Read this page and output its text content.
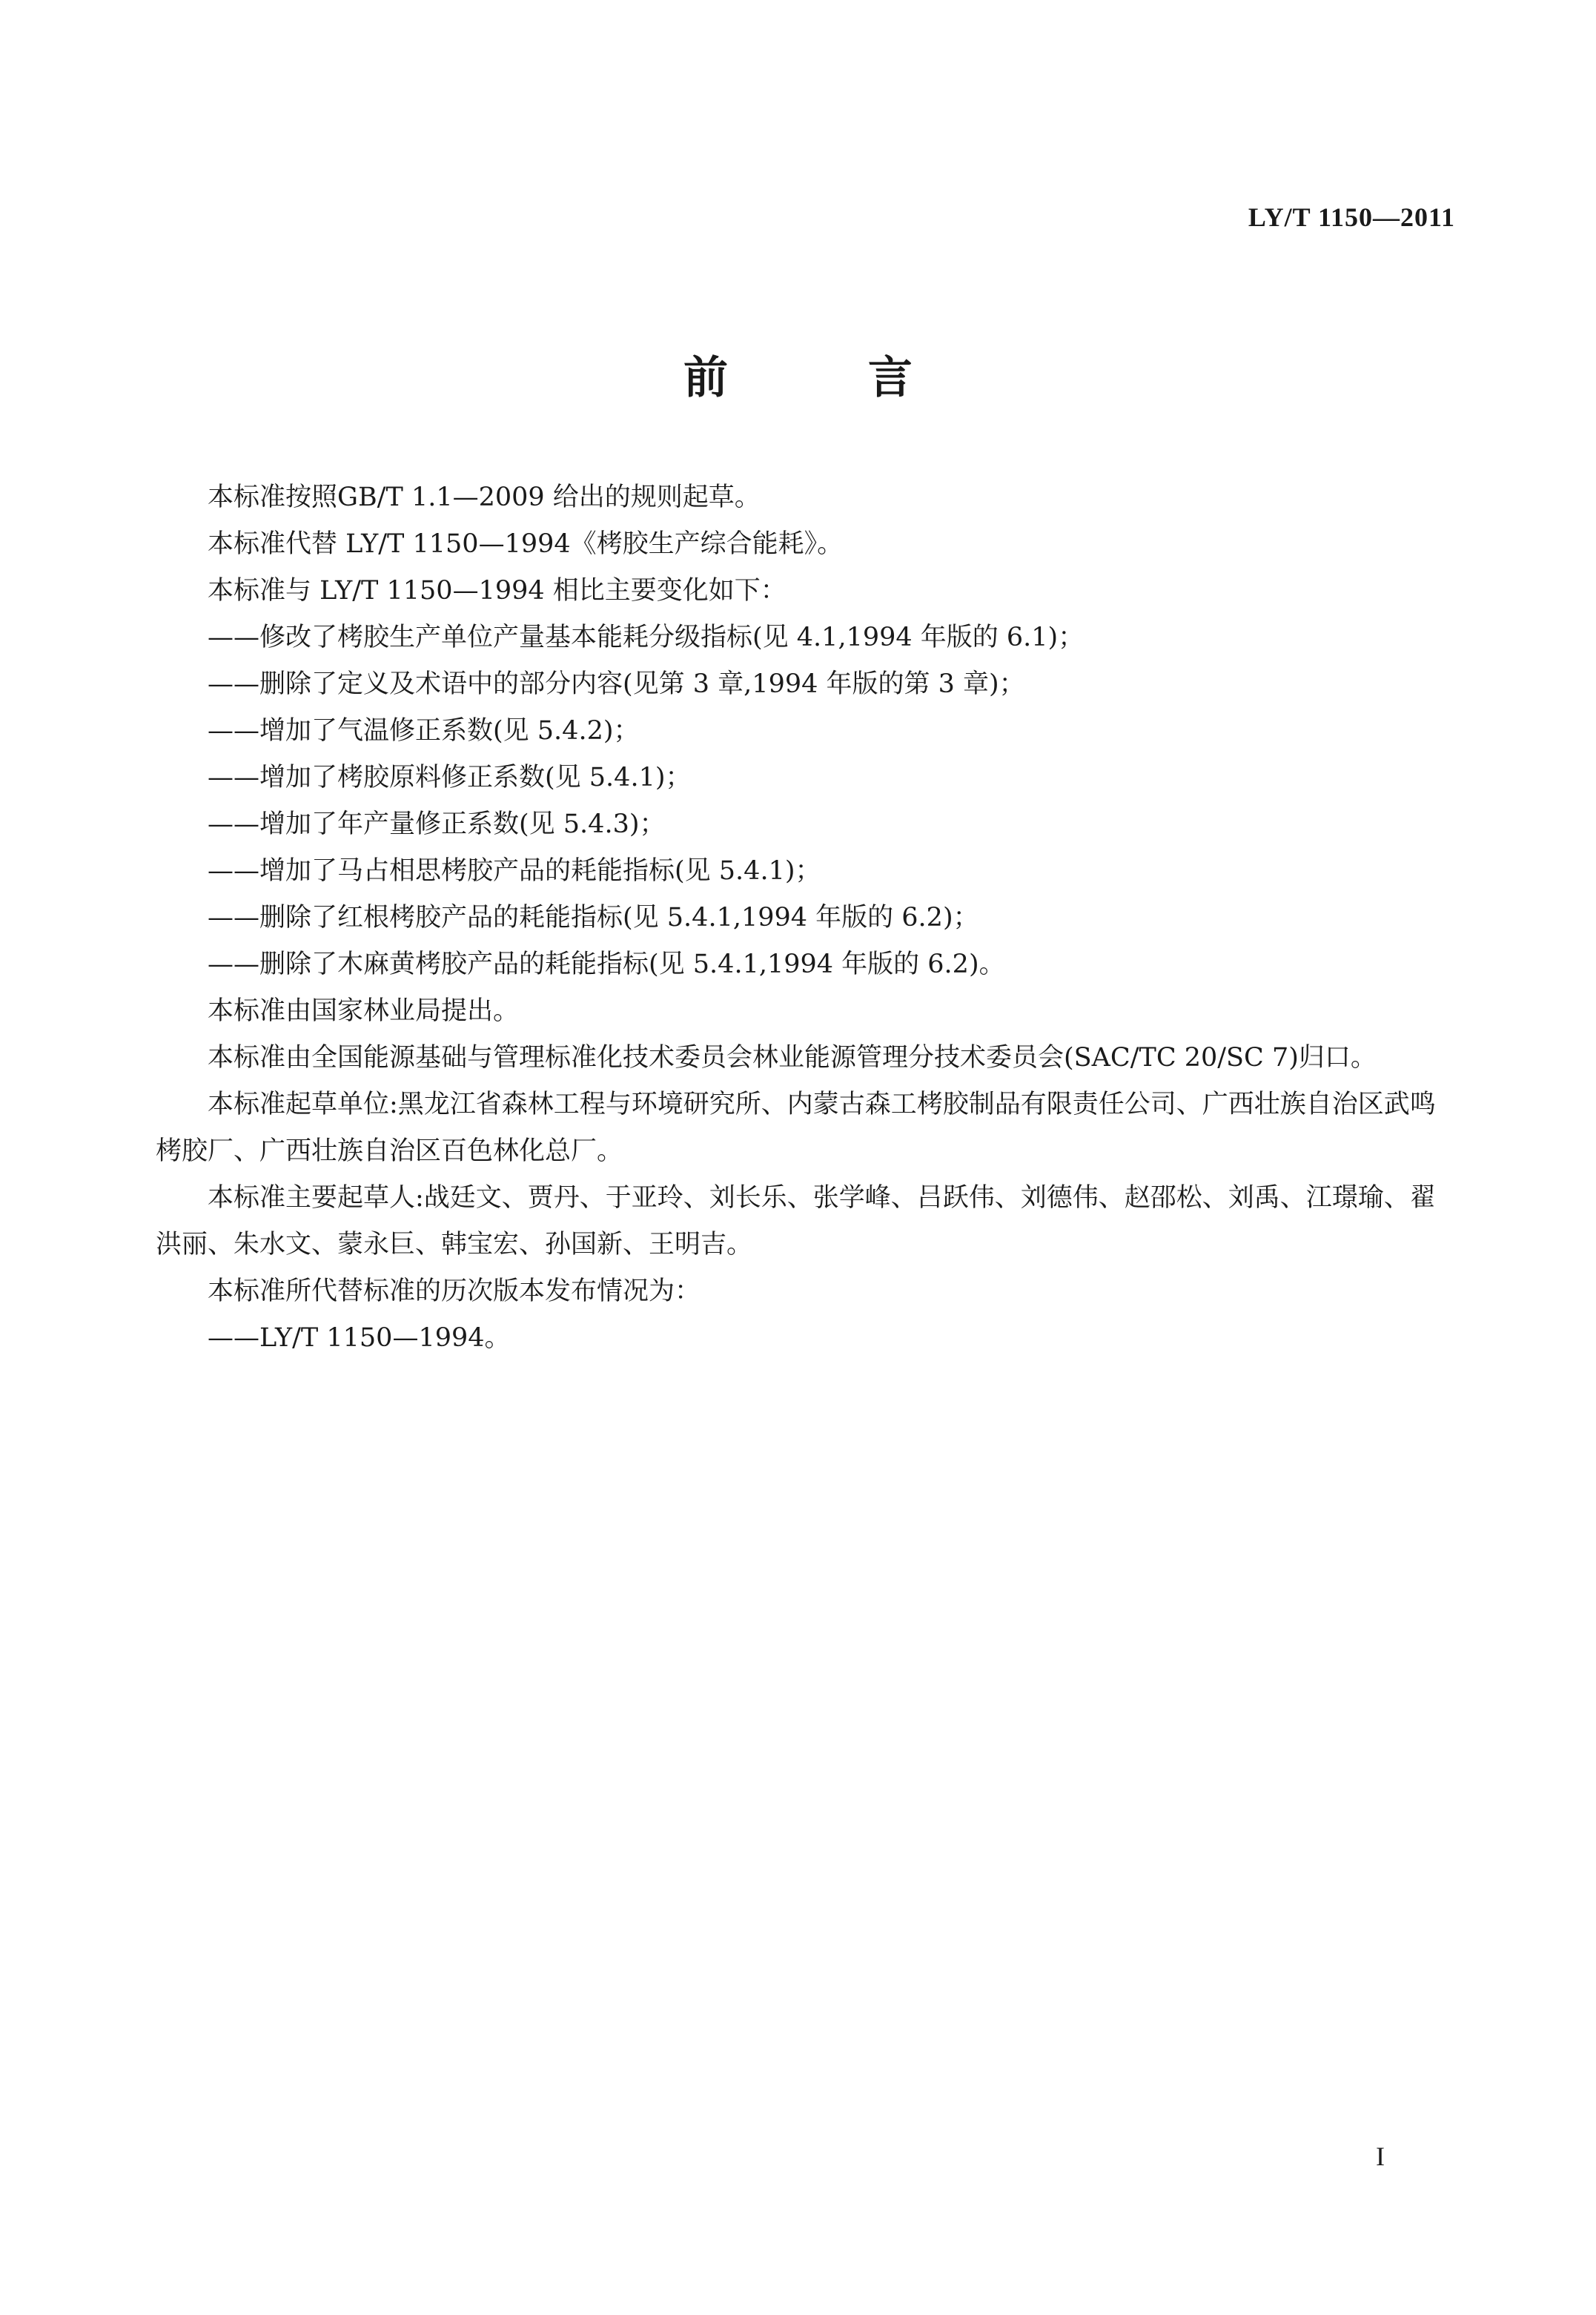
LY/T 1150—2011

前 言

本标准按照GB/T 1.1—2009 给出的规则起草。

本标准代替 LY/T 1150—1994《栲胶生产综合能耗》。

本标准与 LY/T 1150—1994 相比主要变化如下：

——修改了栲胶生产单位产量基本能耗分级指标(见 4.1,1994 年版的 6.1)；

——删除了定义及术语中的部分内容(见第 3 章,1994 年版的第 3 章)；

——增加了气温修正系数(见 5.4.2)；

——增加了栲胶原料修正系数(见 5.4.1)；

——增加了年产量修正系数(见 5.4.3)；

——增加了马占相思栲胶产品的耗能指标(见 5.4.1)；

——删除了红根栲胶产品的耗能指标(见 5.4.1,1994 年版的 6.2)；

——删除了木麻黄栲胶产品的耗能指标(见 5.4.1,1994 年版的 6.2)。

本标准由国家林业局提出。

本标准由全国能源基础与管理标准化技术委员会林业能源管理分技术委员会(SAC/TC 20/SC 7)归口。

本标准起草单位:黑龙江省森林工程与环境研究所、内蒙古森工栲胶制品有限责任公司、广西壮族自治区武鸣栲胶厂、广西壮族自治区百色林化总厂。

本标准主要起草人:战廷文、贾丹、于亚玲、刘长乐、张学峰、吕跃伟、刘德伟、赵邵松、刘禹、江璟瑜、翟洪丽、朱水文、蒙永巨、韩宝宏、孙国新、王明吉。

本标准所代替标准的历次版本发布情况为：

——LY/T 1150—1994。

I
